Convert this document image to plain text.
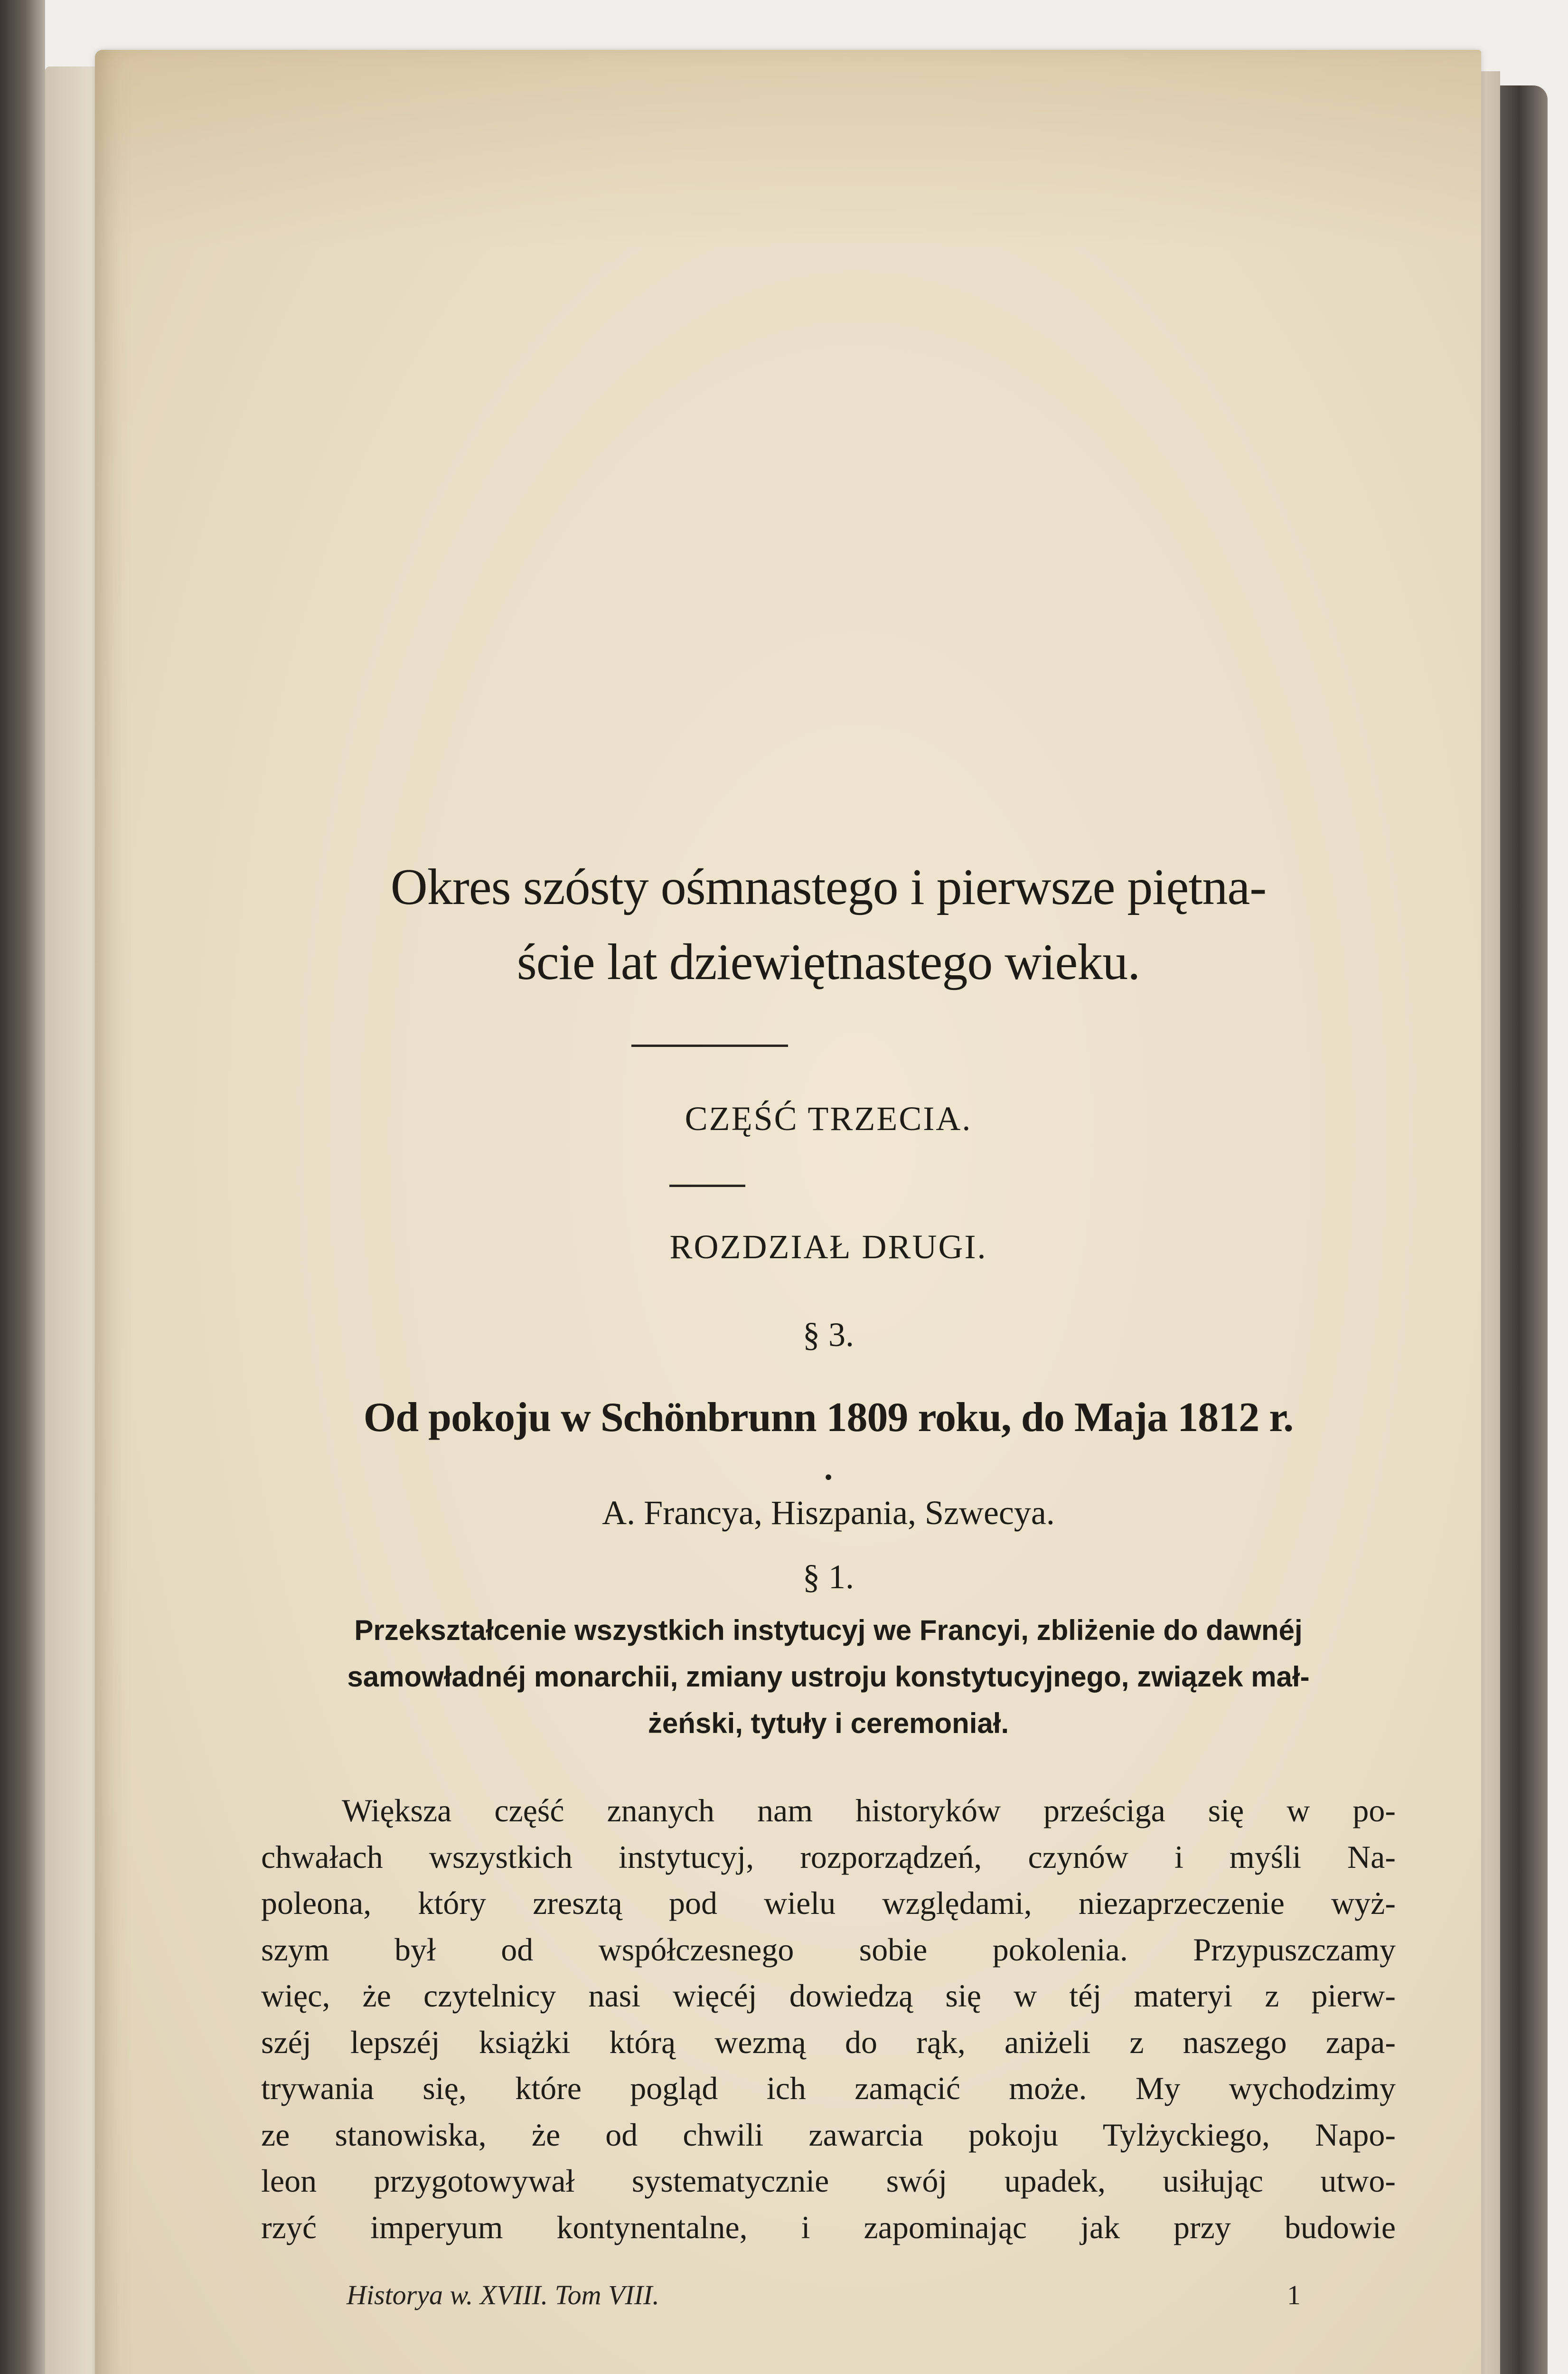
Okres szósty ośmnastego i pierwsze piętna-
ście lat dziewiętnastego wieku.
CZĘŚĆ TRZECIA.
ROZDZIAŁ DRUGI.
§ 3.
Od pokoju w Schönbrunn 1809 roku, do Maja 1812 r.
•
A. Francya, Hiszpania, Szwecya.
§ 1.
Przekształcenie wszystkich instytucyj we Francyi, zbliżenie do dawnéj
samowładnéj monarchii, zmiany ustroju konstytucyjnego, związek mał-
żeński, tytuły i ceremoniał.
Większa część znanych nam historyków prześciga się w po-
chwałach wszystkich instytucyj, rozporządzeń, czynów i myśli Na-
poleona, który zresztą pod wielu względami, niezaprzeczenie wyż-
szym był od współczesnego sobie pokolenia. Przypuszczamy
więc, że czytelnicy nasi więcéj dowiedzą się w téj materyi z pierw-
széj lepszéj książki którą wezmą do rąk, aniżeli z naszego zapa-
trywania się, które pogląd ich zamącić może. My wychodzimy
ze stanowiska, że od chwili zawarcia pokoju Tylżyckiego, Napo-
leon przygotowywał systematycznie swój upadek, usiłując utwo-
rzyć imperyum kontynentalne, i zapominając jak przy budowie
Historya w. XVIII. Tom VIII.	1
